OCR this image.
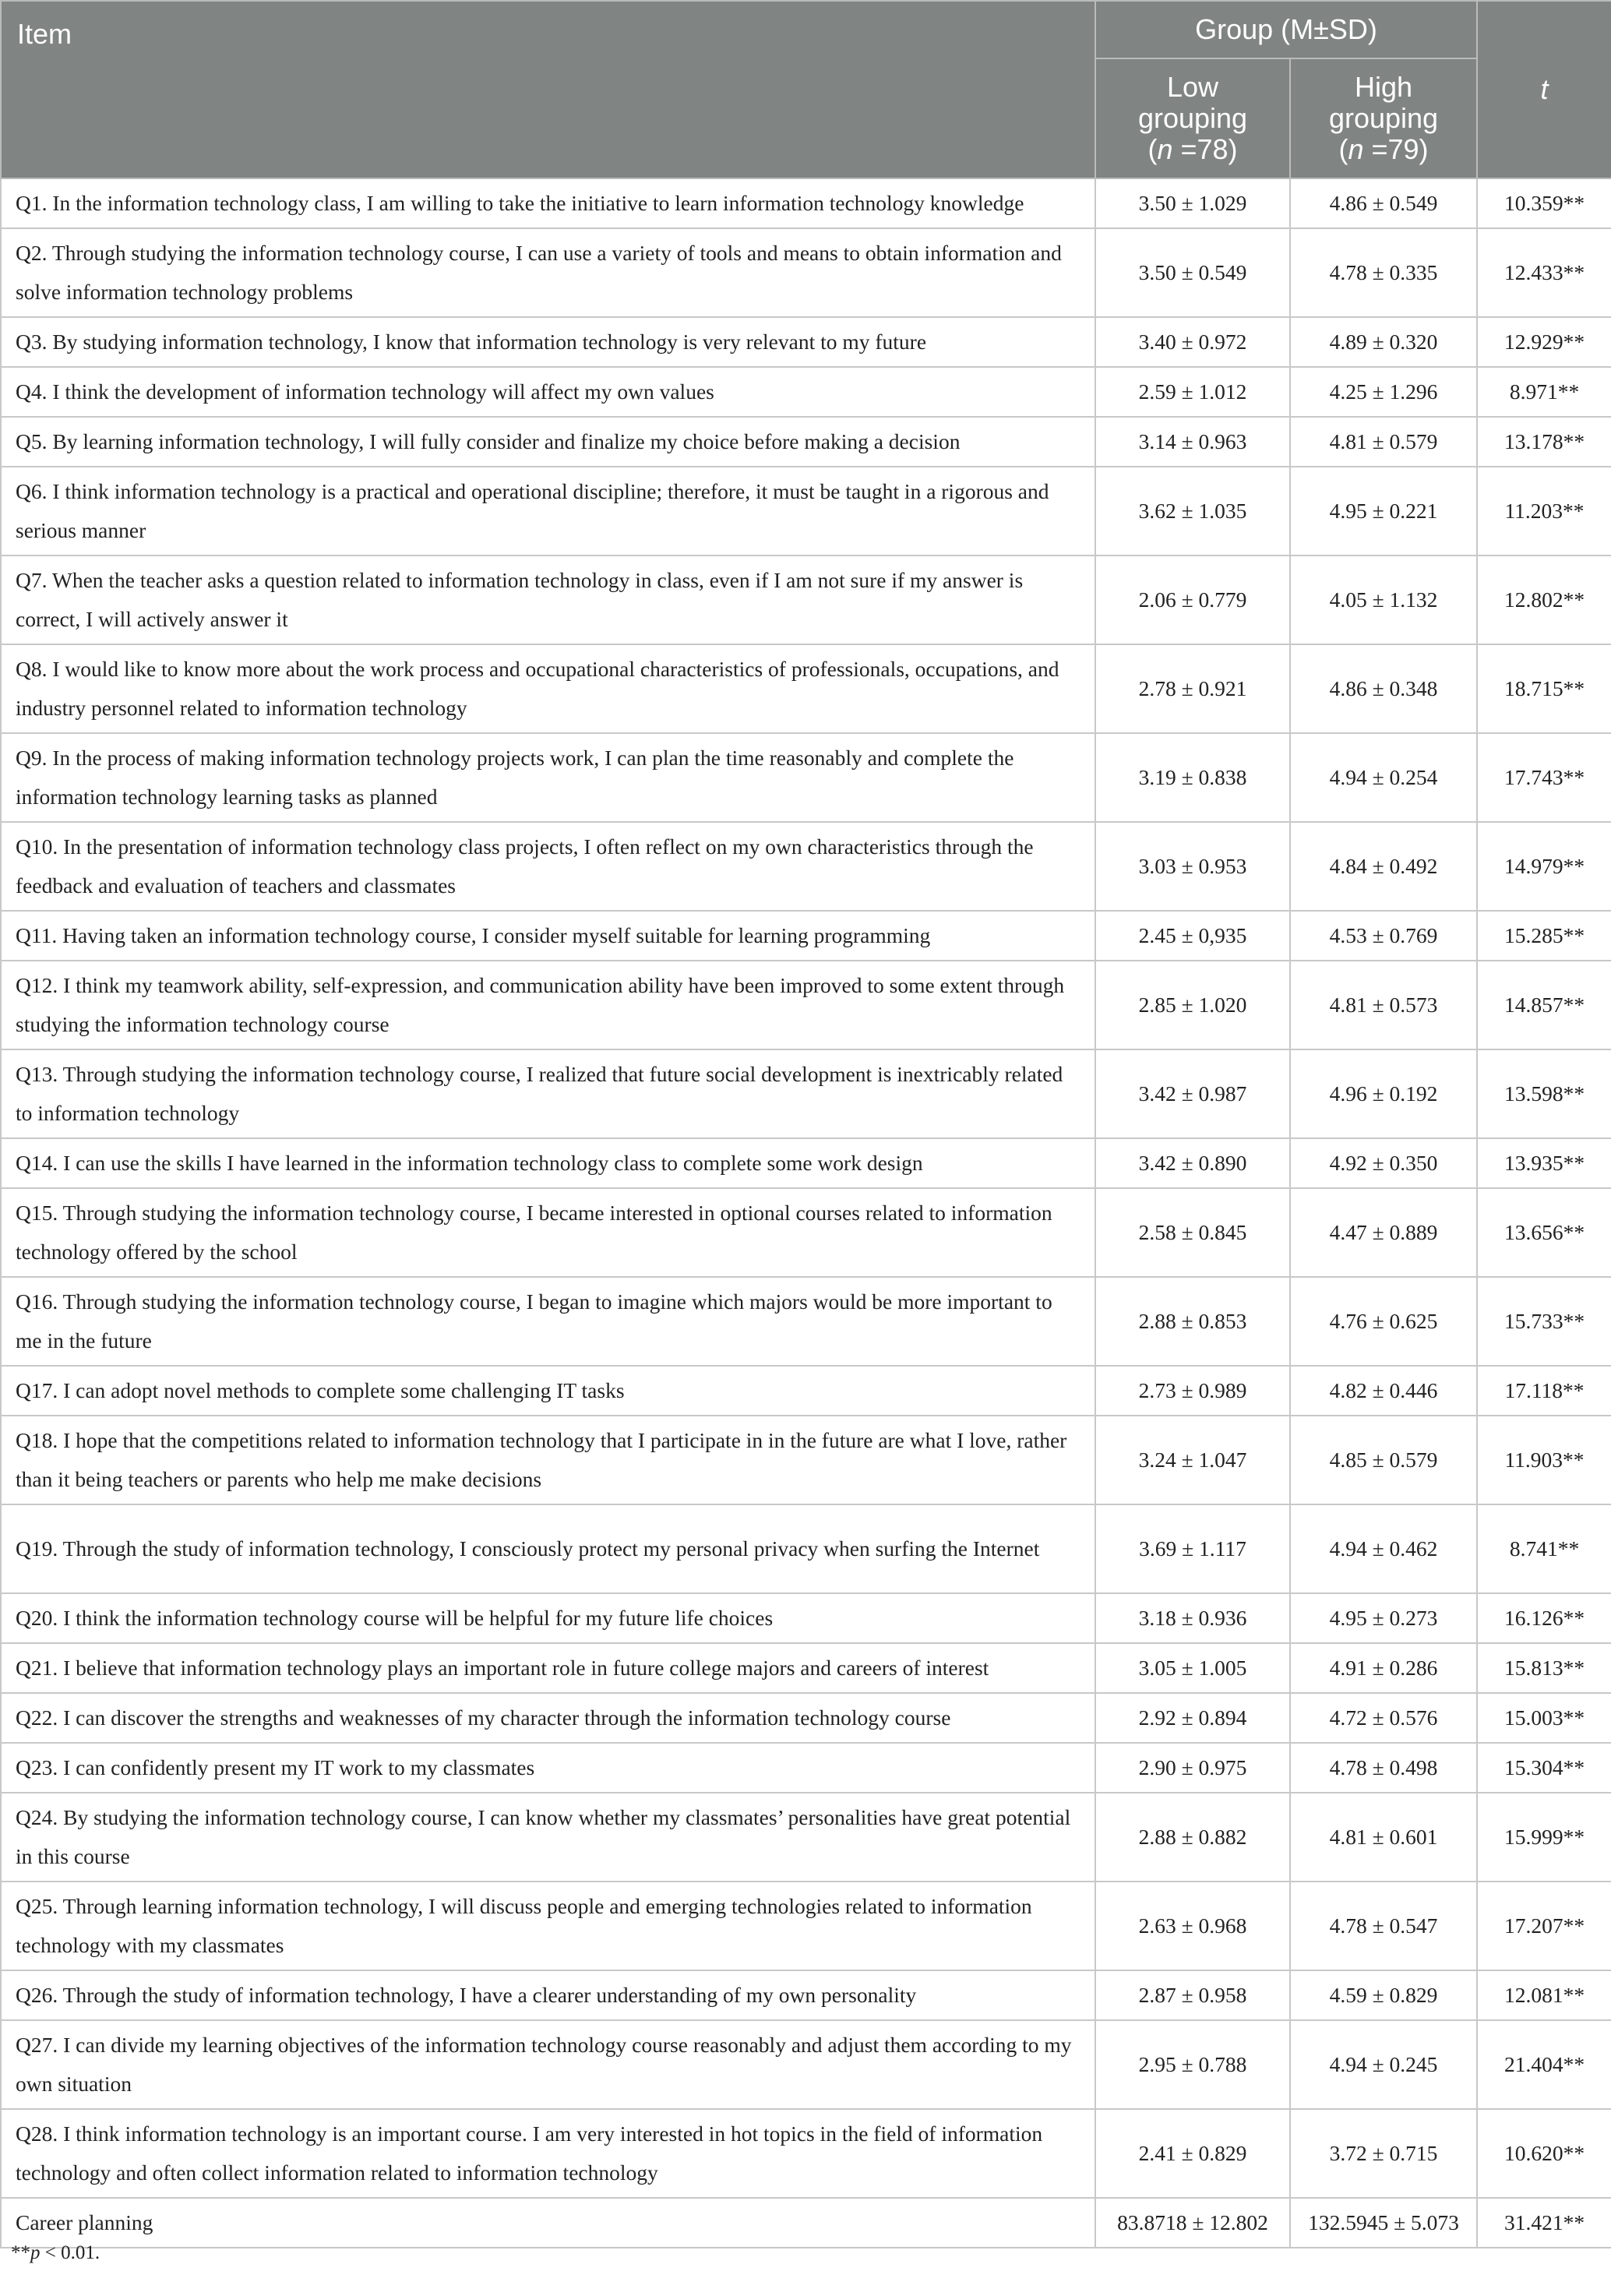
Item	Group (M±SD)		t
	Low
grouping
(n =78)	High
grouping
(n =79)	
Q1. In the information technology class, I am willing to take the initiative to learn information technology knowledge	3.50 ± 1.029	4.86 ± 0.549	10.359**
Q2. Through studying the information technology course, I can use a variety of tools and means to obtain information and solve information technology problems	3.50 ± 0.549	4.78 ± 0.335	12.433**
Q3. By studying information technology, I know that information technology is very relevant to my future	3.40 ± 0.972	4.89 ± 0.320	12.929**
Q4. I think the development of information technology will affect my own values	2.59 ± 1.012	4.25 ± 1.296	8.971**
Q5. By learning information technology, I will fully consider and finalize my choice before making a decision	3.14 ± 0.963	4.81 ± 0.579	13.178**
Q6. I think information technology is a practical and operational discipline; therefore, it must be taught in a rigorous and serious manner	3.62 ± 1.035	4.95 ± 0.221	11.203**
Q7. When the teacher asks a question related to information technology in class, even if I am not sure if my answer is correct, I will actively answer it	2.06 ± 0.779	4.05 ± 1.132	12.802**
Q8. I would like to know more about the work process and occupational characteristics of professionals, occupations, and industry personnel related to information technology	2.78 ± 0.921	4.86 ± 0.348	18.715**
Q9. In the process of making information technology projects work, I can plan the time reasonably and complete the information technology learning tasks as planned	3.19 ± 0.838	4.94 ± 0.254	17.743**
Q10. In the presentation of information technology class projects, I often reflect on my own characteristics through the feedback and evaluation of teachers and classmates	3.03 ± 0.953	4.84 ± 0.492	14.979**
Q11. Having taken an information technology course, I consider myself suitable for learning programming	2.45 ± 0,935	4.53 ± 0.769	15.285**
Q12. I think my teamwork ability, self-expression, and communication ability have been improved to some extent through studying the information technology course	2.85 ± 1.020	4.81 ± 0.573	14.857**
Q13. Through studying the information technology course, I realized that future social development is inextricably related to information technology	3.42 ± 0.987	4.96 ± 0.192	13.598**
Q14. I can use the skills I have learned in the information technology class to complete some work design	3.42 ± 0.890	4.92 ± 0.350	13.935**
Q15. Through studying the information technology course, I became interested in optional courses related to information technology offered by the school	2.58 ± 0.845	4.47 ± 0.889	13.656**
Q16. Through studying the information technology course, I began to imagine which majors would be more important to me in the future	2.88 ± 0.853	4.76 ± 0.625	15.733**
Q17. I can adopt novel methods to complete some challenging IT tasks	2.73 ± 0.989	4.82 ± 0.446	17.118**
Q18. I hope that the competitions related to information technology that I participate in in the future are what I love, rather than it being teachers or parents who help me make decisions	3.24 ± 1.047	4.85 ± 0.579	11.903**
Q19. Through the study of information technology, I consciously protect my personal privacy when surfing the Internet	3.69 ± 1.117	4.94 ± 0.462	8.741**
Q20. I think the information technology course will be helpful for my future life choices	3.18 ± 0.936	4.95 ± 0.273	16.126**
Q21. I believe that information technology plays an important role in future college majors and careers of interest	3.05 ± 1.005	4.91 ± 0.286	15.813**
Q22. I can discover the strengths and weaknesses of my character through the information technology course	2.92 ± 0.894	4.72 ± 0.576	15.003**
Q23. I can confidently present my IT work to my classmates	2.90 ± 0.975	4.78 ± 0.498	15.304**
Q24. By studying the information technology course, I can know whether my classmates’ personalities have great potential in this course	2.88 ± 0.882	4.81 ± 0.601	15.999**
Q25. Through learning information technology, I will discuss people and emerging technologies related to information technology with my classmates	2.63 ± 0.968	4.78 ± 0.547	17.207**
Q26. Through the study of information technology, I have a clearer understanding of my own personality	2.87 ± 0.958	4.59 ± 0.829	12.081**
Q27. I can divide my learning objectives of the information technology course reasonably and adjust them according to my own situation	2.95 ± 0.788	4.94 ± 0.245	21.404**
Q28. I think information technology is an important course. I am very interested in hot topics in the field of information technology and often collect information related to information technology	2.41 ± 0.829	3.72 ± 0.715	10.620**
Career planning	83.8718 ± 12.802	132.5945 ± 5.073	31.421**
**p < 0.01.
